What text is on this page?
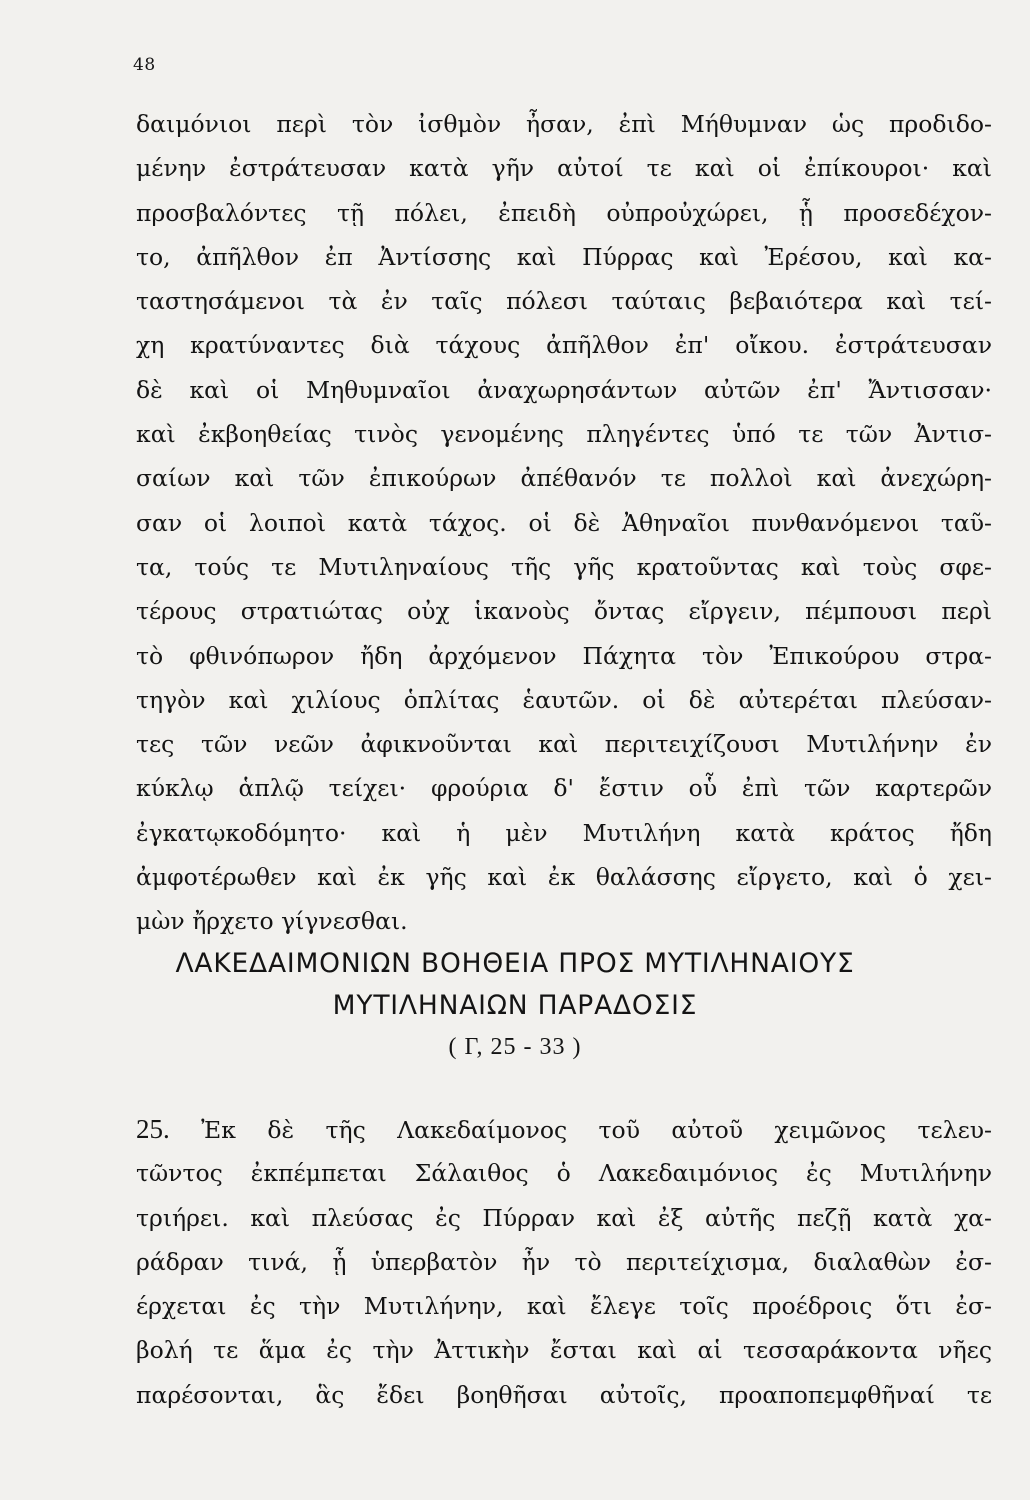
48
δαιμόνιοι περὶ τὸν ἰσθμὸν ἦσαν, ἐπὶ Μήθυμναν ὡς προδιδο-
μένην ἐστράτευσαν κατὰ γῆν αὐτοί τε καὶ οἱ ἐπίκουροι· καὶ
προσβαλόντες τῇ πόλει, ἐπειδὴ οὐπροὐχώρει, ᾗ προσεδέχον-
το, ἀπῆλθον ἐπ Ἀντίσσης καὶ Πύρρας καὶ Ἐρέσου, καὶ κα-
ταστησάμενοι τὰ ἐν ταῖς πόλεσι ταύταις βεβαιότερα καὶ τεί-
χη κρατύναντες διὰ τάχους ἀπῆλθον ἐπ' οἴκου. ἐστράτευσαν
δὲ καὶ οἱ Μηθυμναῖοι ἀναχωρησάντων αὐτῶν ἐπ' Ἄντισσαν·
καὶ ἐκβοηθείας τινὸς γενομένης πληγέντες ὑπό τε τῶν Ἀντισ-
σαίων καὶ τῶν ἐπικούρων ἀπέθανόν τε πολλοὶ καὶ ἀνεχώρη-
σαν οἱ λοιποὶ κατὰ τάχος. οἱ δὲ Ἀθηναῖοι πυνθανόμενοι ταῦ-
τα, τούς τε Μυτιληναίους τῆς γῆς κρατοῦντας καὶ τοὺς σφε-
τέρους στρατιώτας οὐχ ἱκανοὺς ὄντας εἴργειν, πέμπουσι περὶ
τὸ φθινόπωρον ἤδη ἀρχόμενον Πάχητα τὸν Ἐπικούρου στρα-
τηγὸν καὶ χιλίους ὁπλίτας ἑαυτῶν. οἱ δὲ αὐτερέται πλεύσαν-
τες τῶν νεῶν ἀφικνοῦνται καὶ περιτειχίζουσι Μυτιλήνην ἐν
κύκλῳ ἁπλῷ τείχει· φρούρια δ' ἔστιν οὗ ἐπὶ τῶν καρτερῶν
ἐγκατῳκοδόμητο· καὶ ἡ μὲν Μυτιλήνη κατὰ κράτος ἤδη
ἀμφοτέρωθεν καὶ ἐκ γῆς καὶ ἐκ θαλάσσης εἴργετο, καὶ ὁ χει-
μὼν ἤρχετο γίγνεσθαι.
ΛΑΚΕΔΑΙΜΟΝΙΩΝ ΒΟΗΘΕΙΑ ΠΡΟΣ ΜΥΤΙΛΗΝΑΙΟΥΣ
ΜΥΤΙΛΗΝΑΙΩΝ ΠΑΡΑΔΟΣΙΣ
( Γ, 25 - 33 )
25. Ἐκ δὲ τῆς Λακεδαίμονος τοῦ αὐτοῦ χειμῶνος τελευ-
τῶντος ἐκπέμπεται Σάλαιθος ὁ Λακεδαιμόνιος ἐς Μυτιλήνην
τριήρει. καὶ πλεύσας ἐς Πύρραν καὶ ἐξ αὐτῆς πεζῇ κατὰ χα-
ράδραν τινά, ᾗ ὑπερβατὸν ἦν τὸ περιτείχισμα, διαλαθὼν ἐσ-
έρχεται ἐς τὴν Μυτιλήνην, καὶ ἔλεγε τοῖς προέδροις ὅτι ἐσ-
βολή τε ἅμα ἐς τὴν Ἀττικὴν ἔσται καὶ αἱ τεσσαράκοντα νῆες
παρέσονται, ἃς ἔδει βοηθῆσαι αὐτοῖς, προαποπεμφθῆναί τε
